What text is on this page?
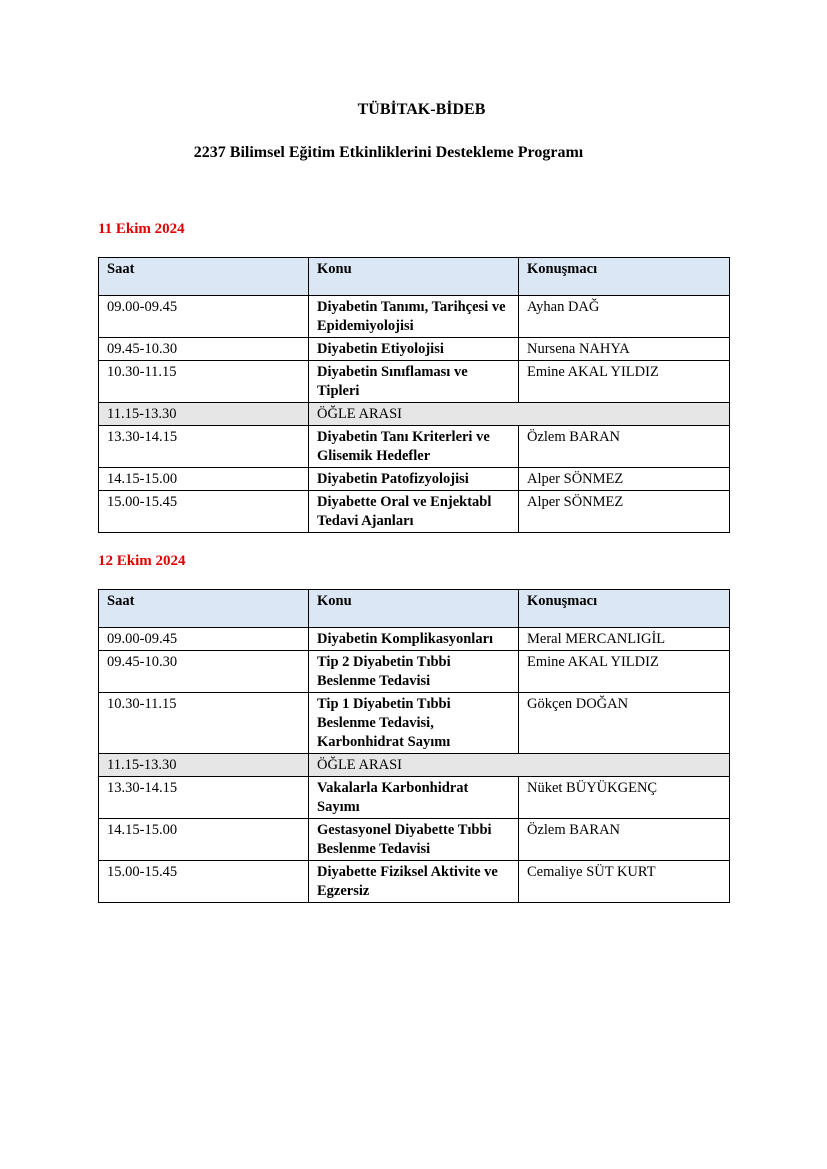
TÜBİTAK-BİDEB
2237 Bilimsel Eğitim Etkinliklerini Destekleme Programı
11 Ekim 2024
Saat	Konu	Konuşmacı
09.00-09.45	Diyabetin Tanımı, Tarihçesi ve Epidemiyolojisi	Ayhan DAĞ
09.45-10.30	Diyabetin Etiyolojisi	Nursena NAHYA
10.30-11.15	Diyabetin Sınıflaması ve Tipleri	Emine AKAL YILDIZ
11.15-13.30	ÖĞLE ARASI	
13.30-14.15	Diyabetin Tanı Kriterleri ve Glisemik Hedefler	Özlem BARAN
14.15-15.00	Diyabetin Patofizyolojisi	Alper SÖNMEZ
15.00-15.45	Diyabette Oral ve Enjektabl Tedavi Ajanları	Alper SÖNMEZ
12 Ekim 2024
Saat	Konu	Konuşmacı
09.00-09.45	Diyabetin Komplikasyonları	Meral MERCANLIGİL
09.45-10.30	Tip 2 Diyabetin Tıbbi Beslenme Tedavisi	Emine AKAL YILDIZ
10.30-11.15	Tip 1 Diyabetin Tıbbi Beslenme Tedavisi, Karbonhidrat Sayımı	Gökçen DOĞAN
11.15-13.30	ÖĞLE ARASI	
13.30-14.15	Vakalarla Karbonhidrat Sayımı	Nüket BÜYÜKGENÇ
14.15-15.00	Gestasyonel Diyabette Tıbbi Beslenme Tedavisi	Özlem BARAN
15.00-15.45	Diyabette Fiziksel Aktivite ve Egzersiz	Cemaliye SÜT KURT
